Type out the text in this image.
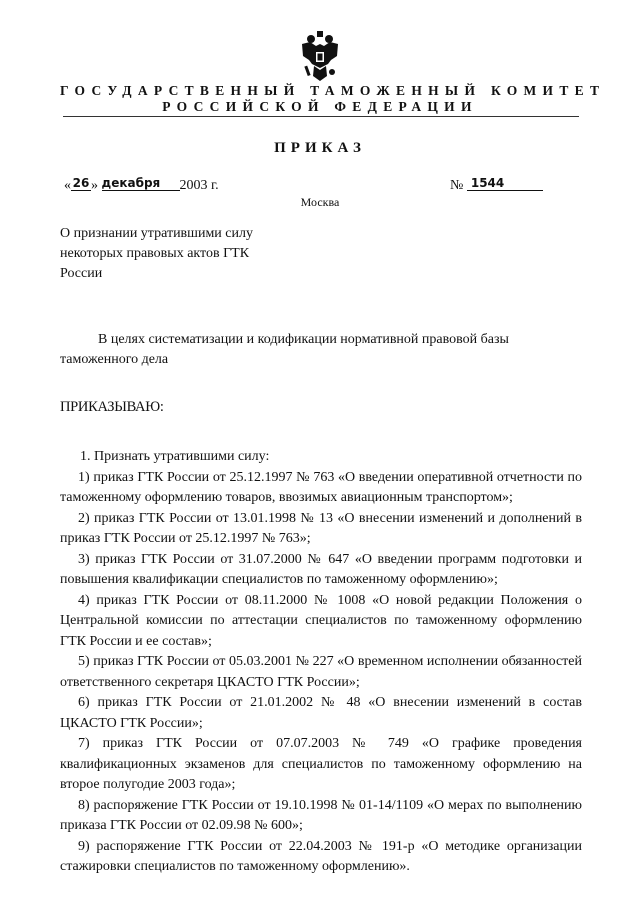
ГОСУДАРСТВЕННЫЙ ТАМОЖЕННЫЙ КОМИТЕТ
РОССИЙСКОЙ ФЕДЕРАЦИИ
ПРИКАЗ
« 26 » декабря 2003 г.	№ 1544
Москва
О признании утратившими силу некоторых правовых актов ГТК России
В целях систематизации и кодификации нормативной правовой базы
таможенного дела
ПРИКАЗЫВАЮ:

1. Признать утратившими силу:

1) приказ ГТК России от 25.12.1997 № 763 «О введении оперативной отчетности по таможенному оформлению товаров, ввозимых авиационным транспортом»;

2) приказ ГТК России от 13.01.1998 № 13 «О внесении изменений и дополнений в приказ ГТК России от 25.12.1997 № 763»;

3) приказ ГТК России от 31.07.2000 № 647 «О введении программ подготовки и повышения квалификации специалистов по таможенному оформлению»;

4) приказ ГТК России от 08.11.2000 № 1008 «О новой редакции Положения о Центральной комиссии по аттестации специалистов по таможенному оформлению ГТК России и ее состав»;

5) приказ ГТК России от 05.03.2001 № 227 «О временном исполнении обязанностей ответственного секретаря ЦКАСТО ГТК России»;

6) приказ ГТК России от 21.01.2002 № 48 «О внесении изменений в состав ЦКАСТО ГТК России»;

7) приказ ГТК России от 07.07.2003 № 749 «О графике проведения квалификационных экзаменов для специалистов по таможенному оформлению на второе полугодие 2003 года»;

8) распоряжение ГТК России от 19.10.1998 № 01-14/1109 «О мерах по выполнению приказа ГТК России от 02.09.98 № 600»;

9) распоряжение ГТК России от 22.04.2003 № 191-р «О методике организации стажировки специалистов по таможенному оформлению».
